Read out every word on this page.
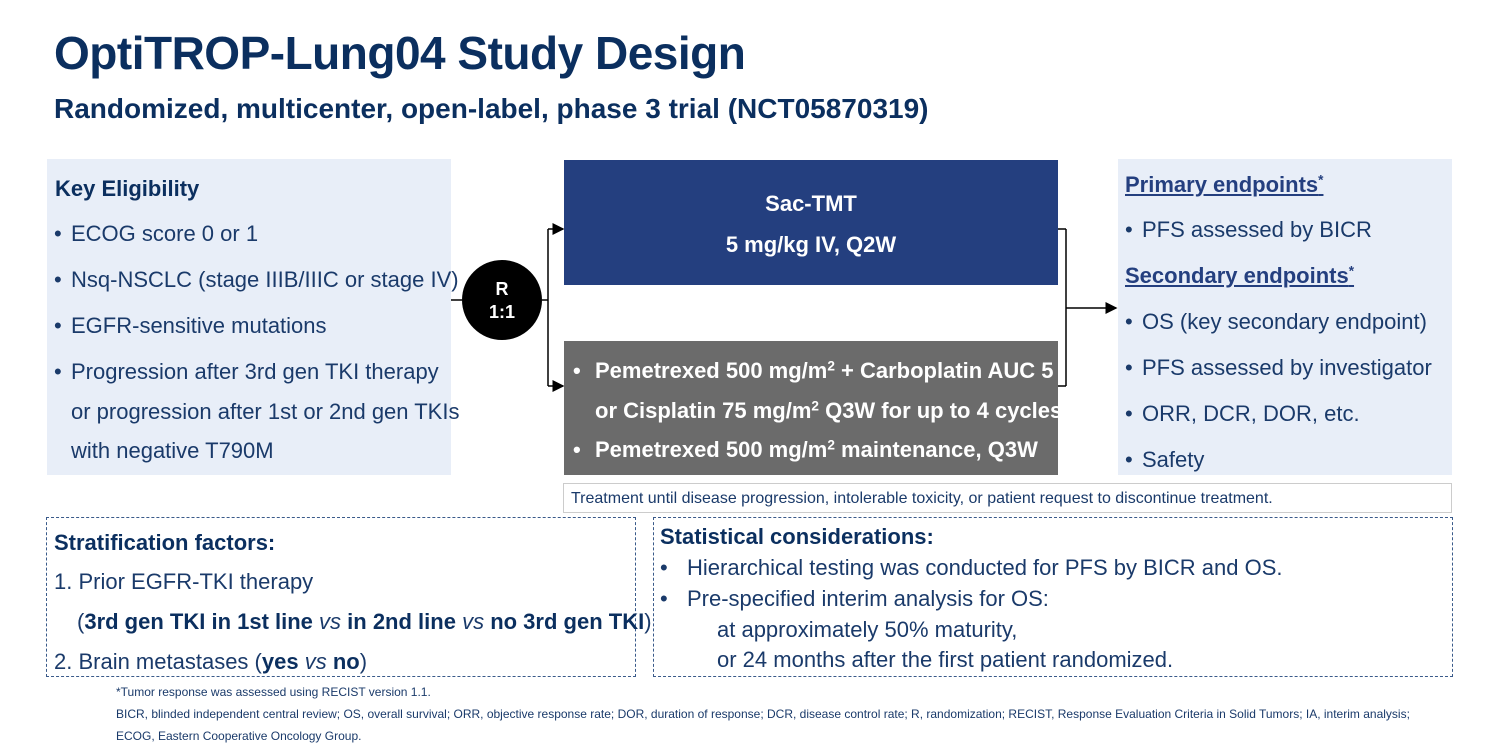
OptiTROP-Lung04 Study Design
Randomized, multicenter, open-label, phase 3 trial (NCT05870319)
Key Eligibility
• ECOG score 0 or 1
• Nsq-NSCLC (stage IIIB/IIIC or stage IV)
• EGFR-sensitive mutations
• Progression after 3rd gen TKI therapy
or progression after 1st or 2nd gen TKIs
with negative T790M
R
1:1
Sac-TMT
5 mg/kg IV, Q2W
• Pemetrexed 500 $mg/m^2$ + Carboplatin AUC 5
or Cisplatin 75 $mg/m^2$ Q3W for up to 4 cycles
• Pemetrexed 500 $mg/m^2$ maintenance, Q3W
Treatment until disease progression, intolerable toxicity, or patient request to discontinue treatment.
Primary endpoints*
• PFS assessed by BICR
Secondary endpoints*
• OS (key secondary endpoint)
• PFS assessed by investigator
• ORR, DCR, DOR, etc.
• Safety
Stratification factors:
1. Prior EGFR-TKI therapy
(3rd gen TKI in 1st line vs in 2nd line vs no 3rd gen TKI)
2. Brain metastases (yes vs no)
Statistical considerations:
• Hierarchical testing was conducted for PFS by BICR and OS.
• Pre-specified interim analysis for OS:
at approximately 50% maturity,
or 24 months after the first patient randomized.
*Tumor response was assessed using RECIST version 1.1.
BICR, blinded independent central review; OS, overall survival; ORR, objective response rate; DOR, duration of response; DCR, disease control rate; R, randomization; RECIST, Response Evaluation Criteria in Solid Tumors; IA, interim analysis;
ECOG, Eastern Cooperative Oncology Group.
